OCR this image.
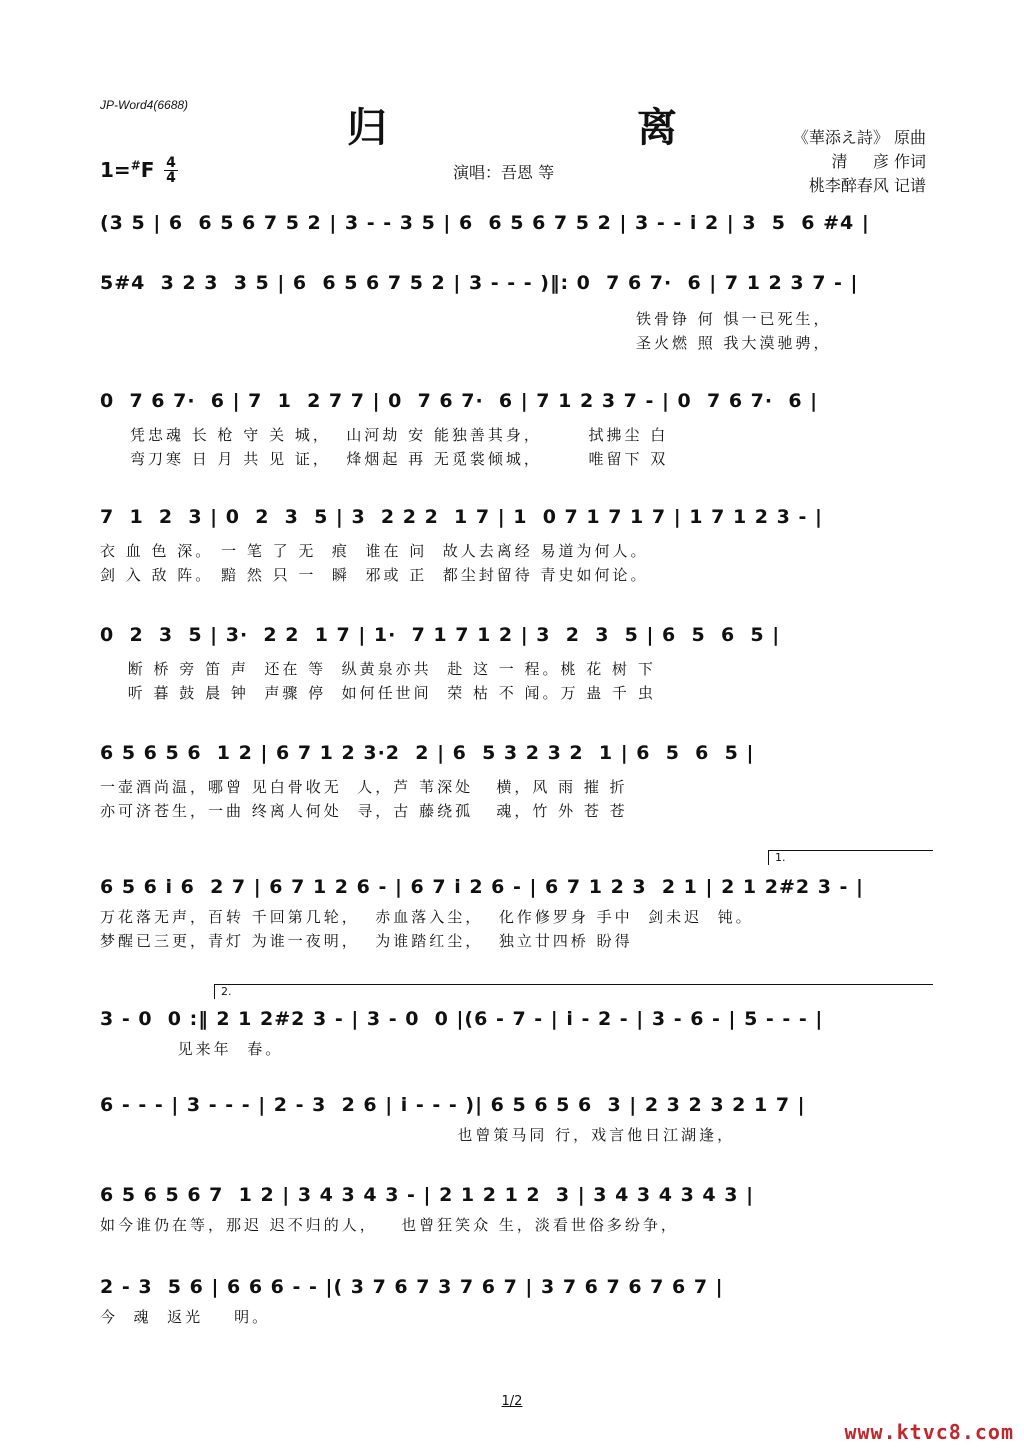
JP-Word4(6688)	归 离
《華添え詩》 原曲
清     彦 作词
桃李醉春风 记谱
1=#F 4
4	演唱：吾恩 等
(3 5 | 6  6 5 6 7 5 2 | 3 - - 3 5 | 6  6 5 6 7 5 2 | 3 - - i 2 | 3  5  6 #4 |
5#4  3 2 3  3 5 | 6  6 5 6 7 5 2 | 3 - - - )‖: 0  7 6 7·  6 | 7 1 2 3 7 - |
铁骨铮 何 惧一已死生，
圣火燃 照 我大漠驰骋，
0  7 6 7·  6 | 7  1  2 7 7 | 0  7 6 7·  6 | 7 1 2 3 7 - | 0  7 6 7·  6 |
凭忠魂 长 枪 守 关 城，  山河劫 安 能独善其身，      拭拂尘 白
弯刀寒 日 月 共 见 证，  烽烟起 再 无觅裳倾城，      唯留下 双
7  1  2  3 | 0  2  3  5 | 3  2 2 2  1 7 | 1  0 7 1 7 1 7 | 1 7 1 2 3 - |
衣 血 色 深。 一 笔 了 无  痕  谁在 问  故人去离经 易道为何人。
剑 入 敌 阵。 黯 然 只 一  瞬  邪或 正  都尘封留待 青史如何论。
0  2  3  5 | 3·  2 2  1 7 | 1·  7 1 7 1 2 | 3  2  3  5 | 6  5  6  5 |
断 桥 旁 笛 声  还在 等  纵黄泉亦共  赴 这 一 程。桃 花 树 下
听 暮 鼓 晨 钟  声骤 停  如何任世间  荣 枯 不 闻。万 蛊 千 虫
6 5 6 5 6  1 2 | 6 7 1 2 3·2  2 | 6  5 3 2 3 2  1 | 6  5  6  5 |
一壶酒尚温，哪曾 见白骨收无  人，芦 苇深处   横，风 雨 摧 折
亦可济苍生，一曲 终离人何处  寻，古 藤绕孤   魂，竹 外 苍 苍
1.
6 5 6 i 6  2 7 | 6 7 1 2 6 - | 6 7 i 2 6 - | 6 7 1 2 3  2 1 | 2 1 2#2 3 - |
万花落无声，百转 千回第几轮，  赤血落入尘，  化作修罗身 手中  剑未迟  钝。
梦醒已三更，青灯 为谁一夜明，  为谁踏红尘，  独立廿四桥 盼得
2.
3 - 0  0 :‖ 2 1 2#2 3 - | 3 - 0  0 |(6 - 7 - | i - 2 - | 3 - 6 - | 5 - - - |
见来年  春。
6 - - - | 3 - - - | 2 - 3  2 6 | i - - - )| 6 5 6 5 6  3 | 2 3 2 3 2 1 7 |
也曾策马同 行，戏言他日江湖逢，
6 5 6 5 6 7  1 2 | 3 4 3 4 3 - | 2 1 2 1 2  3 | 3 4 3 4 3 4 3 |
如今谁仍在等，那迟 迟不归的人，   也曾狂笑众 生，淡看世俗多纷争，
2 - 3  5 6 | 6 6 6 - - |( 3 7 6 7 3 7 6 7 | 3 7 6 7 6 7 6 7 |
今  魂  返光    明。
1/2
www.ktvc8.com
